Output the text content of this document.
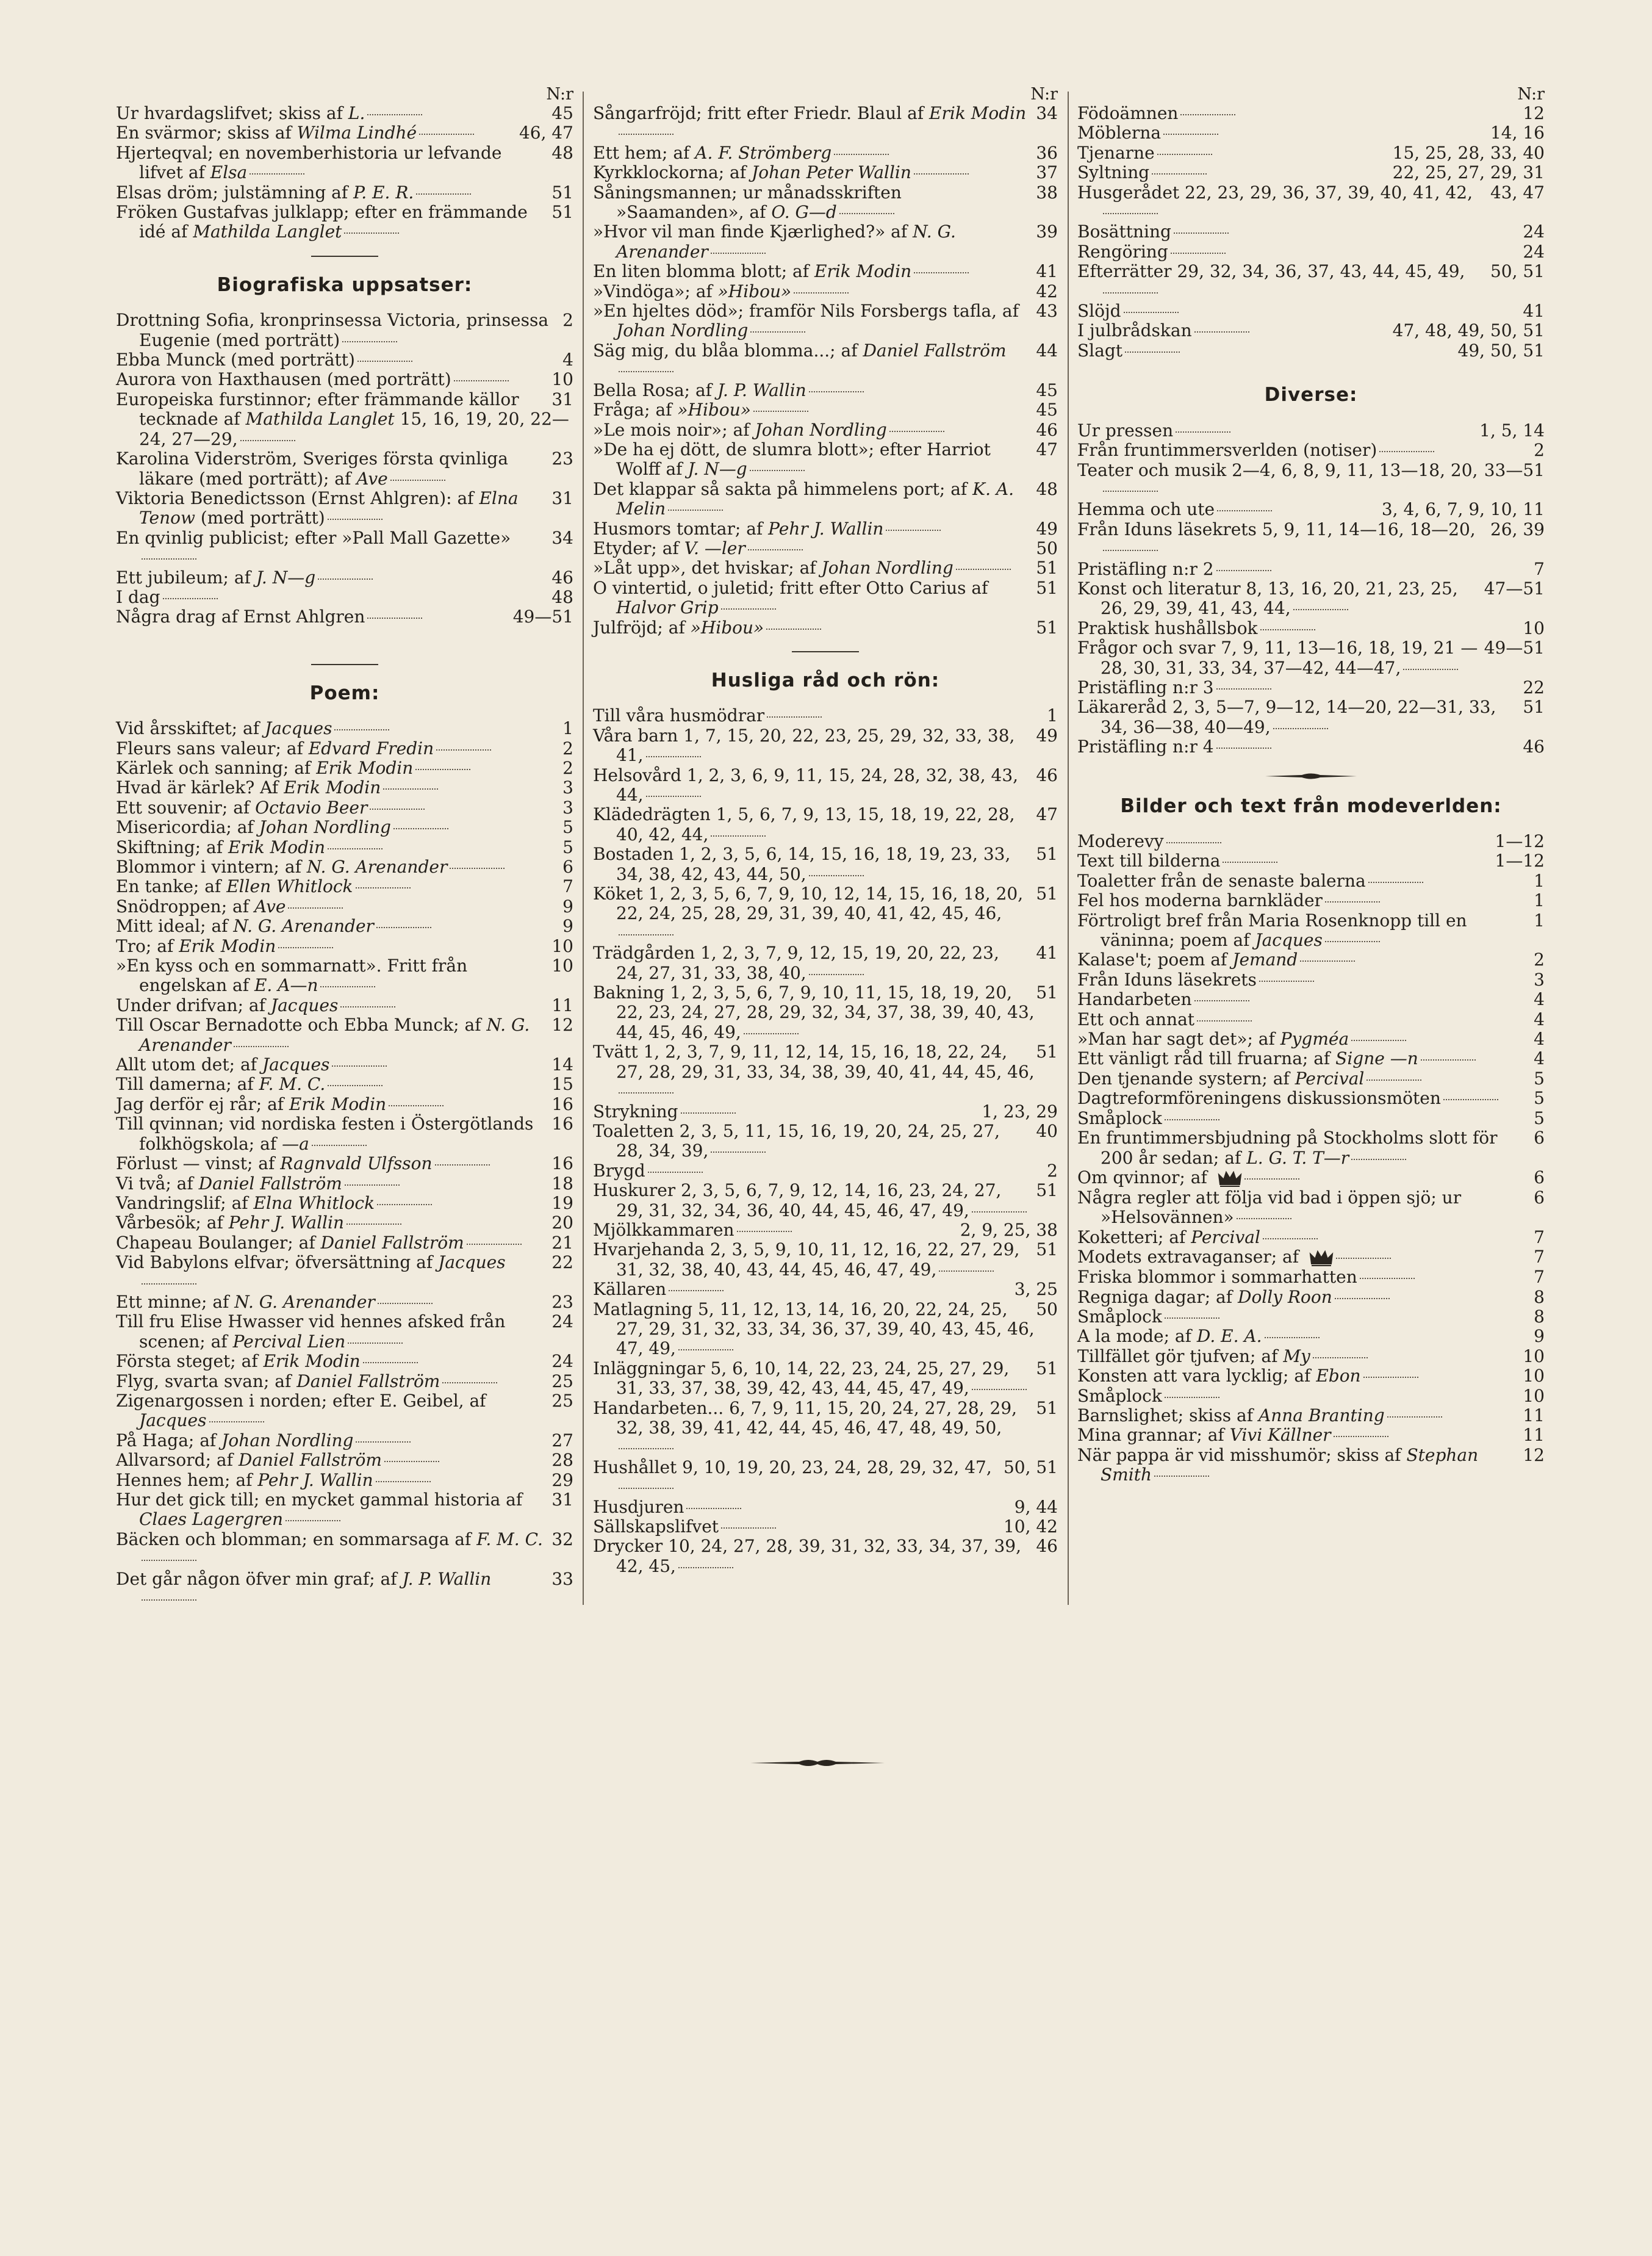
N:r
45
Ur hvardagslifvet; skiss af L.
46, 47
En svärmor; skiss af Wilma Lindhé
48
Hjerteqval; en novemberhistoria ur lefvande lifvet af Elsa
51
Elsas dröm; julstämning af P. E. R.
51
Fröken Gustafvas julklapp; efter en främmande idé af Mathilda Langlet
Biografiska uppsatser:
2
Drottning Sofia, kronprinsessa Victoria, prinsessa Eugenie (med porträtt)
4
Ebba Munck (med porträtt)
10
Aurora von Haxthausen (med porträtt)
31
Europeiska furstinnor; efter främmande källor tecknade af Mathilda Langlet 15, 16, 19, 20, 22—24, 27—29,
23
Karolina Viderström, Sveriges första qvinliga läkare (med porträtt); af Ave
31
Viktoria Benedictsson (Ernst Ahlgren): af Elna Tenow (med porträtt)
34
En qvinlig publicist; efter »Pall Mall Gazette»
46
Ett jubileum; af J. N—g
48
I dag
49—51
Några drag af Ernst Ahlgren
Poem:
1
Vid årsskiftet; af Jacques
2
Fleurs sans valeur; af Edvard Fredin
2
Kärlek och sanning; af Erik Modin
3
Hvad är kärlek? Af Erik Modin
3
Ett souvenir; af Octavio Beer
5
Misericordia; af Johan Nordling
5
Skiftning; af Erik Modin
6
Blommor i vintern; af N. G. Arenander
7
En tanke; af Ellen Whitlock
9
Snödroppen; af Ave
9
Mitt ideal; af N. G. Arenander
10
Tro; af Erik Modin
10
»En kyss och en sommarnatt». Fritt från engelskan af E. A—n
11
Under drifvan; af Jacques
12
Till Oscar Bernadotte och Ebba Munck; af N. G. Arenander
14
Allt utom det; af Jacques
15
Till damerna; af F. M. C.
16
Jag derför ej rår; af Erik Modin
16
Till qvinnan; vid nordiska festen i Östergötlands folkhögskola; af —a
16
Förlust — vinst; af Ragnvald Ulfsson
18
Vi två; af Daniel Fallström
19
Vandringslif; af Elna Whitlock
20
Vårbesök; af Pehr J. Wallin
21
Chapeau Boulanger; af Daniel Fallström
22
Vid Babylons elfvar; öfversättning af Jacques
23
Ett minne; af N. G. Arenander
24
Till fru Elise Hwasser vid hennes afsked från scenen; af Percival Lien
24
Första steget; af Erik Modin
25
Flyg, svarta svan; af Daniel Fallström
25
Zigenargossen i norden; efter E. Geibel, af Jacques
27
På Haga; af Johan Nordling
28
Allvarsord; af Daniel Fallström
29
Hennes hem; af Pehr J. Wallin
31
Hur det gick till; en mycket gammal historia af Claes Lagergren
32
Bäcken och blomman; en sommarsaga af F. M. C.
33
Det går någon öfver min graf; af J. P. Wallin
N:r
34
Sångarfröjd; fritt efter Friedr. Blaul af Erik Modin
36
Ett hem; af A. F. Strömberg
37
Kyrkklockorna; af Johan Peter Wallin
38
Såningsmannen; ur månadsskriften »Saamanden», af O. G—d
39
»Hvor vil man finde Kjærlighed?» af N. G. Arenander
41
En liten blomma blott; af Erik Modin
42
»Vindöga»; af »Hibou»
43
»En hjeltes död»; framför Nils Forsbergs tafla, af Johan Nordling
44
Säg mig, du blåa blomma...; af Daniel Fallström
45
Bella Rosa; af J. P. Wallin
45
Fråga; af »Hibou»
46
»Le mois noir»; af Johan Nordling
47
»De ha ej dött, de slumra blott»; efter Harriot Wolff af J. N—g
48
Det klappar så sakta på himmelens port; af K. A. Melin
49
Husmors tomtar; af Pehr J. Wallin
50
Etyder; af V. —ler
51
»Låt upp», det hviskar; af Johan Nordling
51
O vintertid, o juletid; fritt efter Otto Carius af Halvor Grip
51
Julfröjd; af »Hibou»
Husliga råd och rön:
1
Till våra husmödrar
49
Våra barn 1, 7, 15, 20, 22, 23, 25, 29, 32, 33, 38, 41,
46
Helsovård 1, 2, 3, 6, 9, 11, 15, 24, 28, 32, 38, 43, 44,
47
Klädedrägten 1, 5, 6, 7, 9, 13, 15, 18, 19, 22, 28, 40, 42, 44,
51
Bostaden 1, 2, 3, 5, 6, 14, 15, 16, 18, 19, 23, 33, 34, 38, 42, 43, 44, 50,
51
Köket 1, 2, 3, 5, 6, 7, 9, 10, 12, 14, 15, 16, 18, 20, 22, 24, 25, 28, 29, 31, 39, 40, 41, 42, 45, 46,
41
Trädgården 1, 2, 3, 7, 9, 12, 15, 19, 20, 22, 23, 24, 27, 31, 33, 38, 40,
51
Bakning 1, 2, 3, 5, 6, 7, 9, 10, 11, 15, 18, 19, 20, 22, 23, 24, 27, 28, 29, 32, 34, 37, 38, 39, 40, 43, 44, 45, 46, 49,
51
Tvätt 1, 2, 3, 7, 9, 11, 12, 14, 15, 16, 18, 22, 24, 27, 28, 29, 31, 33, 34, 38, 39, 40, 41, 44, 45, 46,
1, 23, 29
Strykning
40
Toaletten 2, 3, 5, 11, 15, 16, 19, 20, 24, 25, 27, 28, 34, 39,
2
Brygd
51
Huskurer 2, 3, 5, 6, 7, 9, 12, 14, 16, 23, 24, 27, 29, 31, 32, 34, 36, 40, 44, 45, 46, 47, 49,
2, 9, 25, 38
Mjölkkammaren
51
Hvarjehanda 2, 3, 5, 9, 10, 11, 12, 16, 22, 27, 29, 31, 32, 38, 40, 43, 44, 45, 46, 47, 49,
3, 25
Källaren
50
Matlagning 5, 11, 12, 13, 14, 16, 20, 22, 24, 25, 27, 29, 31, 32, 33, 34, 36, 37, 39, 40, 43, 45, 46, 47, 49,
51
Inläggningar 5, 6, 10, 14, 22, 23, 24, 25, 27, 29, 31, 33, 37, 38, 39, 42, 43, 44, 45, 47, 49,
51
Handarbeten... 6, 7, 9, 11, 15, 20, 24, 27, 28, 29, 32, 38, 39, 41, 42, 44, 45, 46, 47, 48, 49, 50,
50, 51
Hushållet 9, 10, 19, 20, 23, 24, 28, 29, 32, 47,
9, 44
Husdjuren
10, 42
Sällskapslifvet
46
Drycker 10, 24, 27, 28, 39, 31, 32, 33, 34, 37, 39, 42, 45,
N:r
12
Födoämnen
14, 16
Möblerna
15, 25, 28, 33, 40
Tjenarne
22, 25, 27, 29, 31
Syltning
43, 47
Husgerådet 22, 23, 29, 36, 37, 39, 40, 41, 42,
24
Bosättning
24
Rengöring
50, 51
Efterrätter 29, 32, 34, 36, 37, 43, 44, 45, 49,
41
Slöjd
47, 48, 49, 50, 51
I julbrådskan
49, 50, 51
Slagt
Diverse:
1, 5, 14
Ur pressen
2
Från fruntimmersverlden (notiser)
33—51
Teater och musik 2—4, 6, 8, 9, 11, 13—18, 20,
3, 4, 6, 7, 9, 10, 11
Hemma och ute
26, 39
Från Iduns läsekrets 5, 9, 11, 14—16, 18—20,
7
Pristäfling n:r 2
47—51
Konst och literatur 8, 13, 16, 20, 21, 23, 25, 26, 29, 39, 41, 43, 44,
10
Praktisk hushållsbok
49—51
Frågor och svar 7, 9, 11, 13—16, 18, 19, 21 —28, 30, 31, 33, 34, 37—42, 44—47,
22
Pristäfling n:r 3
51
Läkareråd 2, 3, 5—7, 9—12, 14—20, 22—31, 33, 34, 36—38, 40—49,
46
Pristäfling n:r 4
Bilder och text från modeverlden:
1—12
Moderevy
1—12
Text till bilderna
1
Toaletter från de senaste balerna
1
Fel hos moderna barnkläder
1
Förtroligt bref från Maria Rosenknopp till en väninna; poem af Jacques
2
Kalase't; poem af Jemand
3
Från Iduns läsekrets
4
Handarbeten
4
Ett och annat
4
»Man har sagt det»; af Pygméa
4
Ett vänligt råd till fruarna; af Signe —n
5
Den tjenande systern; af Percival
5
Dagtreformföreningens diskussionsmöten
5
Småplock
6
En fruntimmersbjudning på Stockholms slott för 200 år sedan; af L. G. T. T—r
6
Om qvinnor; af
6
Några regler att följa vid bad i öppen sjö; ur »Helsovännen»
7
Koketteri; af Percival
7
Modets extravaganser; af
7
Friska blommor i sommarhatten
8
Regniga dagar; af Dolly Roon
8
Småplock
9
A la mode; af D. E. A.
10
Tillfället gör tjufven; af My
10
Konsten att vara lycklig; af Ebon
10
Småplock
11
Barnslighet; skiss af Anna Branting
11
Mina grannar; af Vivi Källner
12
När pappa är vid misshumör; skiss af Stephan Smith
